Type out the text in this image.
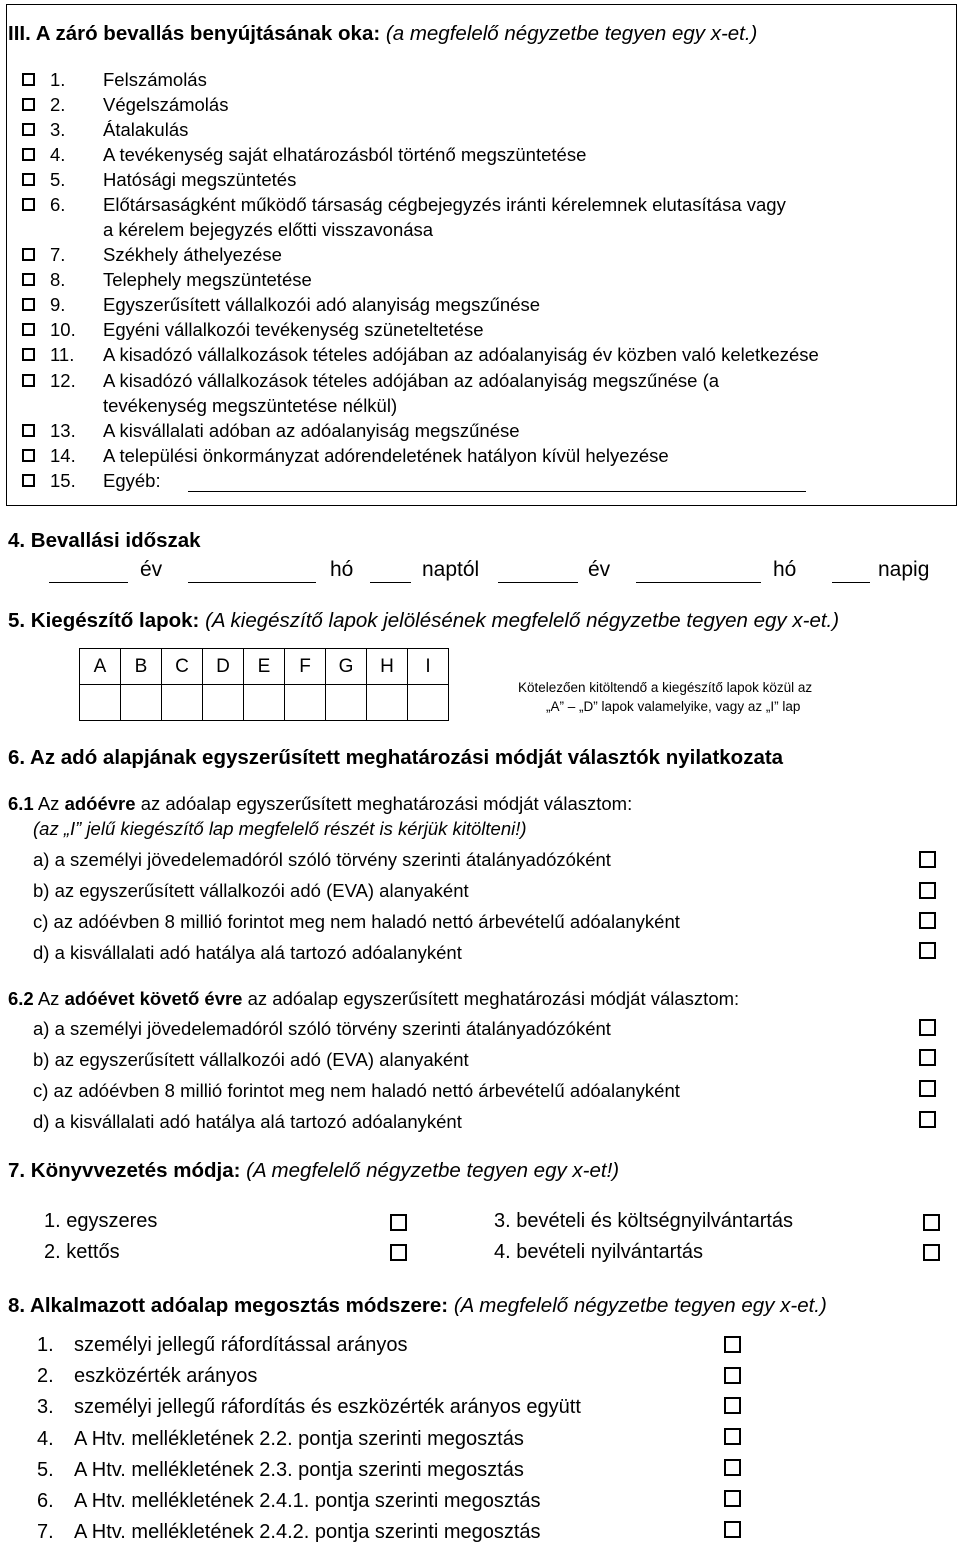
III. A záró bevallás benyújtásának oka: (a megfelelő négyzetbe tegyen egy x-et.)
1. Felszámolás
2. Végelszámolás
3. Átalakulás
4. A tevékenység saját elhatározásból történő megszüntetése
5. Hatósági megszüntetés
6. Előtársaságként működő társaság cégbejegyzés iránti kérelemnek elutasítása vagy
a kérelem bejegyzés előtti visszavonása
7. Székhely áthelyezése
8. Telephely megszüntetése
9. Egyszerűsített vállalkozói adó alanyiság megszűnése
10. Egyéni vállalkozói tevékenység szüneteltetése
11. A kisadózó vállalkozások tételes adójában az adóalanyiság év közben való keletkezése
12. A kisadózó vállalkozások tételes adójában az adóalanyiság megszűnése (a
tevékenység megszüntetése nélkül)
13. A kisvállalati adóban az adóalanyiság megszűnése
14. A települési önkormányzat adórendeletének hatályon kívül helyezése
15. Egyéb:
4. Bevallási időszak
év	hó	naptól	év	hó	napig
5. Kiegészítő lapok: (A kiegészítő lapok jelölésének megfelelő négyzetbe tegyen egy x-et.)
A	B	C	D	E	F	G	H	I

Kötelezően kitöltendő a kiegészítő lapok közül az
„A” – „D” lapok valamelyike, vagy az „I” lap
6. Az adó alapjának egyszerűsített meghatározási módját választók nyilatkozata
6.1 Az adóévre az adóalap egyszerűsített meghatározási módját választom:
(az „I” jelű kiegészítő lap megfelelő részét is kérjük kitölteni!)
a) a személyi jövedelemadóról szóló törvény szerinti átalányadózóként
b) az egyszerűsített vállalkozói adó (EVA) alanyaként
c) az adóévben 8 millió forintot meg nem haladó nettó árbevételű adóalanyként
d) a kisvállalati adó hatálya alá tartozó adóalanyként
6.2 Az adóévet követő évre az adóalap egyszerűsített meghatározási módját választom:
a) a személyi jövedelemadóról szóló törvény szerinti átalányadózóként
b) az egyszerűsített vállalkozói adó (EVA) alanyaként
c) az adóévben 8 millió forintot meg nem haladó nettó árbevételű adóalanyként
d) a kisvállalati adó hatálya alá tartozó adóalanyként
7. Könyvvezetés módja: (A megfelelő négyzetbe tegyen egy x-et!)
1. egyszeres
2. kettős
3. bevételi és költségnyilvántartás
4. bevételi nyilvántartás
8. Alkalmazott adóalap megosztás módszere: (A megfelelő négyzetbe tegyen egy x-et.)
1. személyi jellegű ráfordítással arányos
2. eszközérték arányos
3. személyi jellegű ráfordítás és eszközérték arányos együtt
4. A Htv. mellékletének 2.2. pontja szerinti megosztás
5. A Htv. mellékletének 2.3. pontja szerinti megosztás
6. A Htv. mellékletének 2.4.1. pontja szerinti megosztás
7. A Htv. mellékletének 2.4.2. pontja szerinti megosztás
